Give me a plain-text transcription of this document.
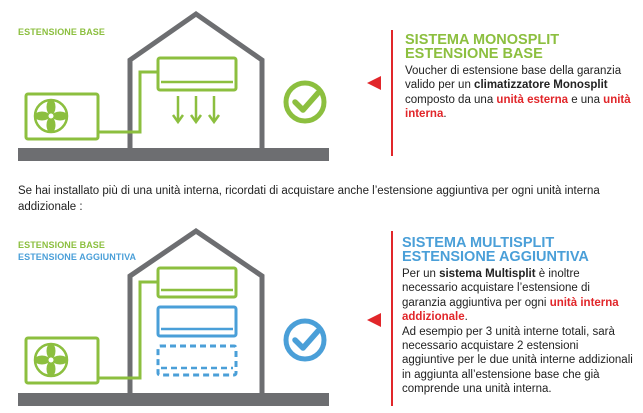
ESTENSIONE BASE	SISTEMA MONOSPLIT
ESTENSIONE BASE

Voucher di estensione base della garanzia valido per un climatizzatore Monosplit composto da una unità esterna e una unità interna.

Se hai installato più di una unità interna, ricordati di acquistare anche l’estensione aggiuntiva per ogni unità interna addizionale :
ESTENSIONE BASE
ESTENSIONE AGGIUNTIVA
SISTEMA MULTISPLIT
ESTENSIONE AGGIUNTIVA

Per un sistema Multisplit è inoltre necessario acquistare l’estensione di garanzia aggiuntiva per ogni unità interna addizionale.

Ad esempio per 3 unità interne totali, sarà necessario acquistare 2 estensioni aggiuntive per le due unità interne addizionali in aggiunta all’estensione base che già comprende una unità interna.
